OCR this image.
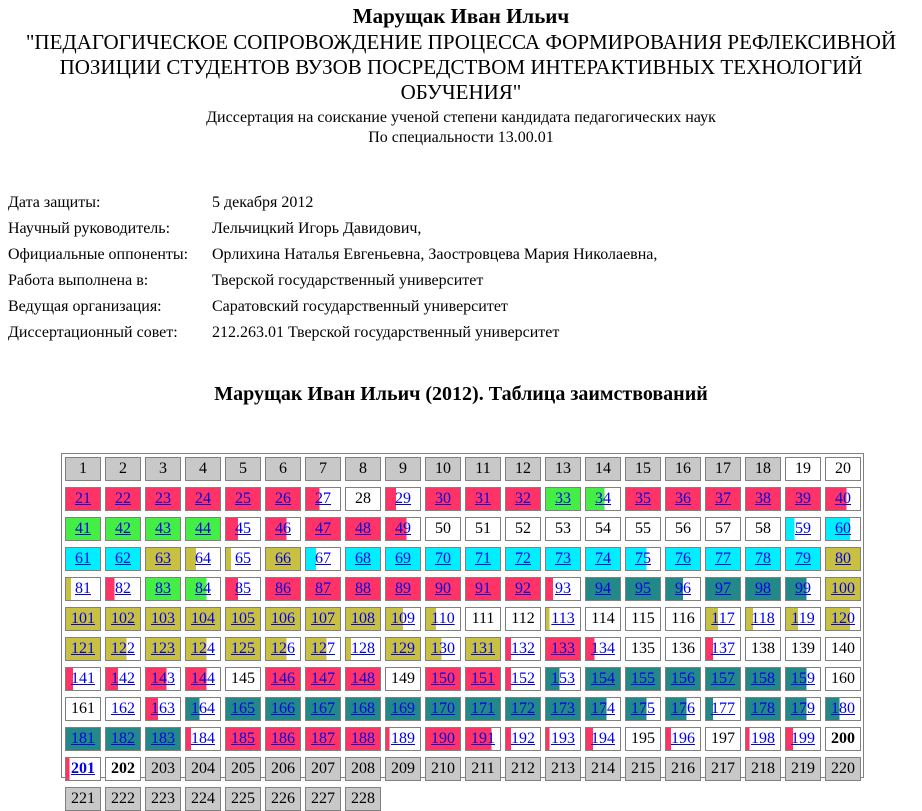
Марущак Иван Ильич
"ПЕДАГОГИЧЕСКОЕ СОПРОВОЖДЕНИЕ ПРОЦЕССА ФОРМИРОВАНИЯ РЕФЛЕКСИВНОЙ
ПОЗИЦИИ СТУДЕНТОВ ВУЗОВ ПОСРЕДСТВОМ ИНТЕРАКТИВНЫХ ТЕХНОЛОГИЙ
ОБУЧЕНИЯ"
Диссертация на соискание ученой степени кандидата педагогических наук
По специальности 13.00.01
Дата защиты:	5 декабря 2012
Научный руководитель:	Лельчицкий Игорь Давидович,
Официальные оппоненты:	Орлихина Наталья Евгеньевна, Заостровцева Мария Николаевна,
Работа выполнена в:	Тверской государственный университет
Ведущая организация:	Саратовский государственный университет
Диссертационный совет:	212.263.01 Тверской государственный университет
Марущак Иван Ильич (2012). Таблица заимствований
1	2	3	4	5	6	7	8	9	10	11	12	13	14	15	16	17	18	19	20
21	22	23	24	25	26	27	28	29	30	31	32	33	34	35	36	37	38	39	40
41	42	43	44	45	46	47	48	49	50	51	52	53	54	55	56	57	58	59	60
61	62	63	64	65	66	67	68	69	70	71	72	73	74	75	76	77	78	79	80
81	82	83	84	85	86	87	88	89	90	91	92	93	94	95	96	97	98	99	100
101	102	103	104	105	106	107	108	109	110	111	112	113	114	115	116	117	118	119	120
121	122	123	124	125	126	127	128	129	130	131	132	133	134	135	136	137	138	139	140
141	142	143	144	145	146	147	148	149	150	151	152	153	154	155	156	157	158	159	160
161	162	163	164	165	166	167	168	169	170	171	172	173	174	175	176	177	178	179	180
181	182	183	184	185	186	187	188	189	190	191	192	193	194	195	196	197	198	199	200
201	202	203	204	205	206	207	208	209	210	211	212	213	214	215	216	217	218	219	220
221	222	223	224	225	226	227	228
